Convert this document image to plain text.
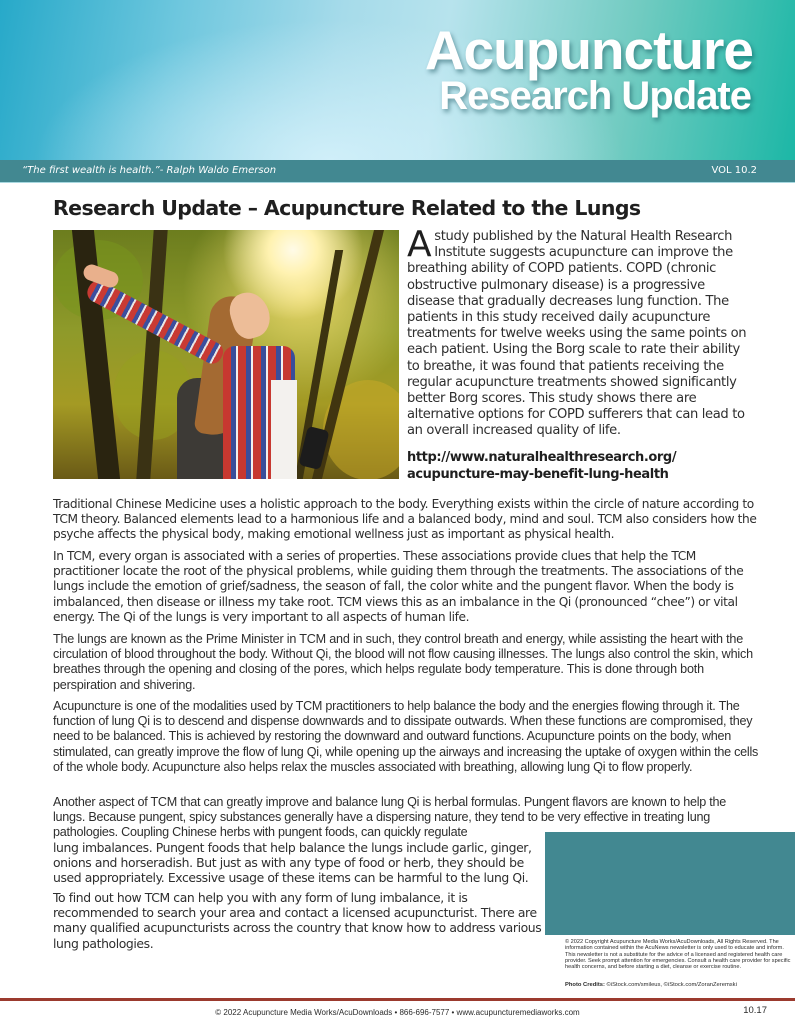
Acupuncture
Research Update
“The first wealth is health.”- Ralph Waldo Emerson	VOL 10.2
Research Update – Acupuncture Related to the Lungs
Astudy published by the Natural Health Research Institute suggests acupuncture can improve the breathing ability of COPD patients. COPD (chronic obstructive pulmonary disease) is a progressive disease that gradually decreases lung function. The patients in this study received daily acupuncture treatments for twelve weeks using the same points on each patient. Using the Borg scale to rate their ability to breathe, it was found that patients receiving the regular acupuncture treatments showed significantly better Borg scores. This study shows there are alternative options for COPD sufferers that can lead to an overall increased quality of life.
http://www.naturalhealthresearch.org/
acupuncture-may-benefit-lung-health

Traditional Chinese Medicine uses a holistic approach to the body. Everything exists within the circle of nature according to TCM theory. Balanced elements lead to a harmonious life and a balanced body, mind and soul. TCM also considers how the psyche affects the physical body, making emotional wellness just as important as physical health.

In TCM, every organ is associated with a series of properties. These associations provide clues that help the TCM practitioner locate the root of the physical problems, while guiding them through the treatments. The associations of the lungs include the emotion of grief/sadness, the season of fall, the color white and the pungent flavor. When the body is imbalanced, then disease or illness my take root. TCM views this as an imbalance in the Qi (pronounced “chee”) or vital energy. The Qi of the lungs is very important to all aspects of human life.

The lungs are known as the Prime Minister in TCM and in such, they control breath and energy, while assisting the heart with the circulation of blood throughout the body. Without Qi, the blood will not flow causing illnesses. The lungs also control the skin, which breathes through the opening and closing of the pores, which helps regulate body temperature. This is done through both perspiration and shivering.

Acupuncture is one of the modalities used by TCM practitioners to help balance the body and the energies flowing through it. The function of lung Qi is to descend and dispense downwards and to dissipate outwards. When these functions are compromised, they need to be balanced. This is achieved by restoring the downward and outward functions. Acupuncture points on the body, when stimulated, can greatly improve the flow of lung Qi, while opening up the airways and increasing the uptake of oxygen within the cells of the whole body. Acupuncture also helps relax the muscles associated with breathing, allowing lung Qi to flow properly.

Another aspect of TCM that can greatly improve and balance lung Qi is herbal formulas. Pungent flavors are known to help the lungs. Because pungent, spicy substances generally have a dispersing nature, they tend to be very effective in treating lung pathologies. Coupling Chinese herbs with pungent foods, can quickly regulate

lung imbalances. Pungent foods that help balance the lungs include garlic, ginger, onions and horseradish. But just as with any type of food or herb, they should be used appropriately. Excessive usage of these items can be harmful to the lung Qi.

To find out how TCM can help you with any form of lung imbalance, it is recommended to search your area and contact a licensed acupuncturist. There are many qualified acupuncturists across the country that know how to address various lung pathologies.	© 2022 Copyright Acupuncture Media Works/AcuDownloads, All Rights Reserved. The information contained within the AcuNews newsletter is only used to educate and inform. This newsletter is not a substitute for the advice of a licensed and registered health care provider. Seek prompt attention for emergencies. Consult a health care provider for specific health concerns, and before starting a diet, cleanse or exercise routine.

Photo Credits: ©iStock.com/smileus, ©iStock.com/ZoranZeremski

© 2022 Acupuncture Media Works/AcuDownloads • 866-696-7577 • www.acupuncturemediaworks.com	10.17
